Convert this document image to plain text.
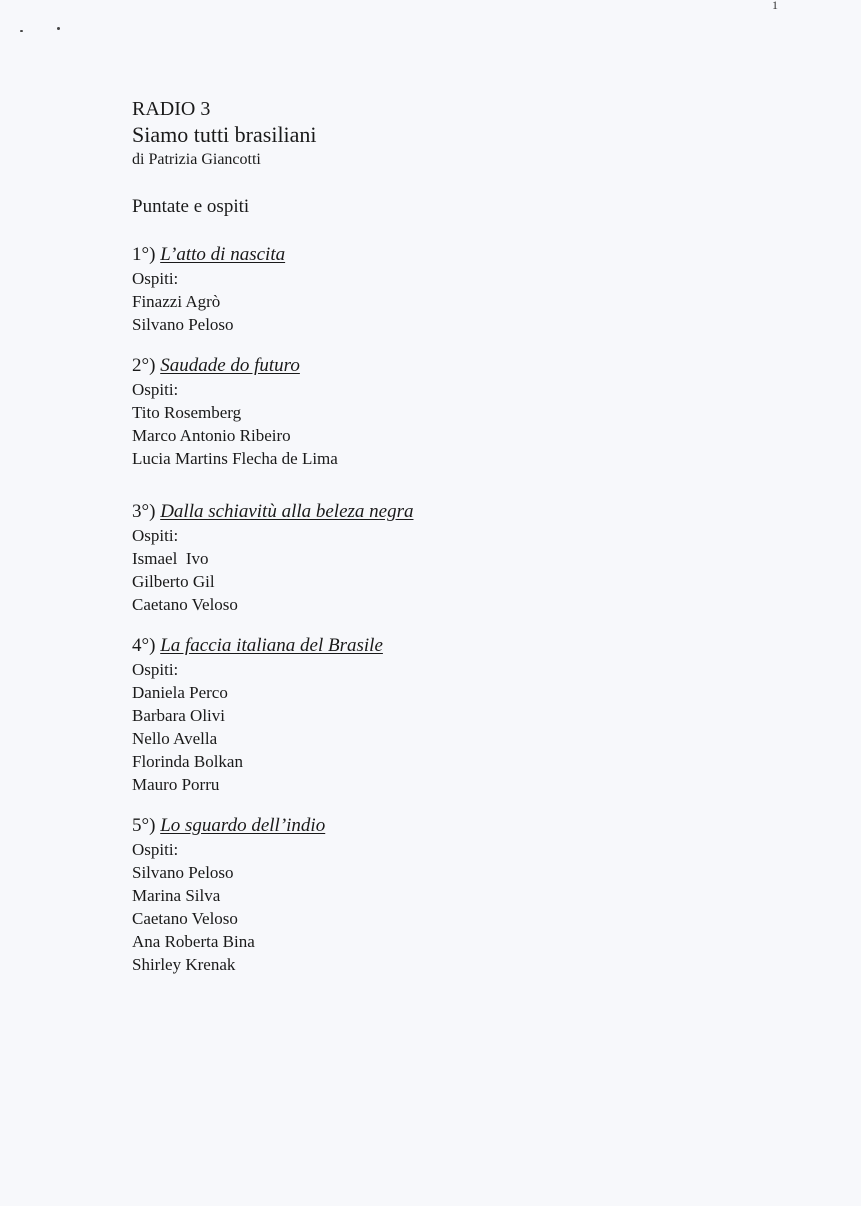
1
RADIO 3
Siamo tutti brasiliani
di Patrizia Giancotti
Puntate e ospiti
1°) L’atto di nascita
Ospiti:
Finazzi Agrò
Silvano Peloso
2°) Saudade do futuro
Ospiti:
Tito Rosemberg
Marco Antonio Ribeiro
Lucia Martins Flecha de Lima
3°) Dalla schiavitù alla beleza negra
Ospiti:
Ismael  Ivo
Gilberto Gil
Caetano Veloso
4°) La faccia italiana del Brasile
Ospiti:
Daniela Perco
Barbara Olivi
Nello Avella
Florinda Bolkan
Mauro Porru
5°) Lo sguardo dell’indio
Ospiti:
Silvano Peloso
Marina Silva
Caetano Veloso
Ana Roberta Bina
Shirley Krenak
